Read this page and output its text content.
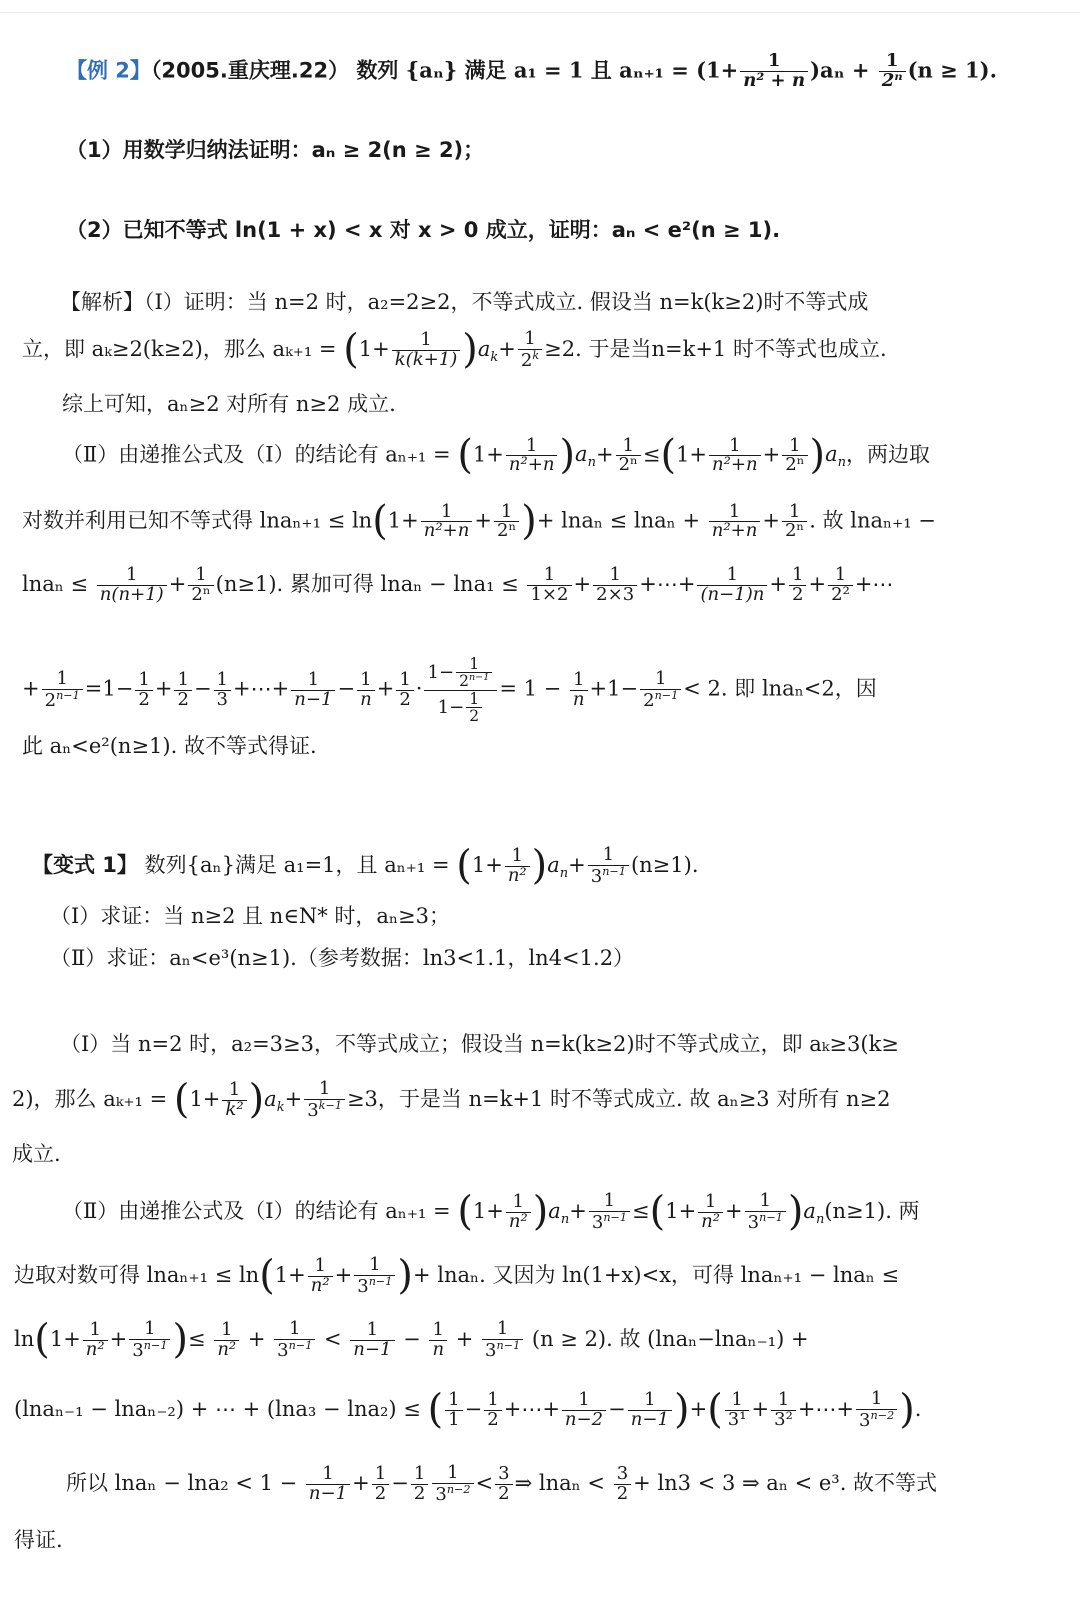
【例 2】（2005.重庆理.22） 数列 {aₙ} 满足 a₁ = 1 且 $a_{n+1} = (1+ \frac{1}{\text{n² + n}} )a_n + \frac{1}{\text{2ⁿ}} (n \ge 1)$.
（1）用数学归纳法证明：aₙ ≥ 2(n ≥ 2)；
（2）已知不等式 ln(1 + x) < x 对 x > 0 成立，证明：aₙ < e²(n ≥ 1).
【解析】（Ⅰ）证明：当 n=2 时，a₂=2≥2，不等式成立. 假设当 n=k(k≥2)时不等式成
立，即 aₖ≥2(k≥2)，那么 $a_{k+1} = (1+ \frac{1}{k(k+1)} )a_k+ \frac{1}{2^k} \ge 2$. 于是当n=k+1 时不等式也成立.
综上可知，aₙ≥2 对所有 n≥2 成立.
（Ⅱ）由递推公式及（Ⅰ）的结论有 $a_{n+1} = (1+ \frac{1}{\text{n²+n}} )a_n+ \frac{1}{\text{2ⁿ}} \le(1+ \frac{1}{\text{n²+n}} + \frac{1}{\text{2ⁿ}} )a_n$，两边取
对数并利用已知不等式得 $\ln a_{n+1} \le \ln(1+ \frac{1}{\text{n²+n}} + \frac{1}{\text{2ⁿ}}$ )+ $\ln a_n \le \ln a_n + \frac{1}{\text{n²+n}} + \frac{1}{\text{2ⁿ}}$ . 故 lnaₙ₊₁ −
$\ln a_n \le \frac{1}{n(n+1)} + \frac{1}{\text{2ⁿ}} (n\ge 1)$. 累加可得 $\ln a_n - \ln a_1 \le \frac{1}{1\times 2} + \frac{1}{2\times 3}$ +⋯+ $\frac{1}{(n-1)n} + \frac{1}{2} + \frac{1}{\text{2²}}$ +⋯
+ $\frac{1}{2^{n-1}} =1- \frac{1}{2} + \frac{1}{2} - \frac{1}{3}$ +⋯+ $\frac{1}{n-1} - \frac{1}{n} + \frac{1}{2} \cdot \frac{1- \frac{1}{2^{n-1}}}{1- \frac{1}{2}} = 1 - \frac{1}{n} +1- \frac{1}{2^{n-1}} < 2$. 即 lnaₙ<2，因
此 aₙ<e²(n≥1). 故不等式得证.
【变式 1】 数列{aₙ}满足 a₁=1，且 $a_{n+1} = (1+ \frac{1}{\text{n²}} )a_n+ \frac{1}{3^{n-1}} (n\ge 1)$.
（Ⅰ）求证：当 n≥2 且 n∈N* 时，aₙ≥3；
（Ⅱ）求证：aₙ<e³(n≥1).（参考数据：ln3<1.1，ln4<1.2）
（Ⅰ）当 n=2 时，a₂=3≥3，不等式成立；假设当 n=k(k≥2)时不等式成立，即 aₖ≥3(k≥
2)，那么 $a_{k+1} = (1+ \frac{1}{\text{k²}} )a_k+ \frac{1}{3^{k-1}} \ge 3$，于是当 n=k+1 时不等式成立. 故 aₙ≥3 对所有 n≥2
成立.
（Ⅱ）由递推公式及（Ⅰ）的结论有 $a_{n+1} = (1+ \frac{1}{\text{n²}} )a_n+ \frac{1}{3^{n-1}} \le(1+ \frac{1}{\text{n²}} + \frac{1}{3^{n-1}} )a_n(n\ge 1)$. 两
边取对数可得 $\ln a_{n+1} \le \ln(1+ \frac{1}{\text{n²}} + \frac{1}{3^{n-1}}$ )+ lnaₙ. 又因为 ln(1+x)<x，可得 lnaₙ₊₁ − lnaₙ ≤
$\ln(1+ \frac{1}{\text{n²}} + \frac{1}{3^{n-1}}$ )≤ $\frac{1}{\text{n²}} + \frac{1}{3^{n-1}} < \frac{1}{n-1} - \frac{1}{n} + \frac{1}{3^{n-1}} (n \ge 2)$. 故 (lnaₙ−lnaₙ₋₁) +
(lnaₙ₋₁ − lnaₙ₋₂) + ⋯ + (lna₃ − lna₂) ≤ ( $\frac{1}{1} - \frac{1}{2}$ +⋯+ $\frac{1}{n-2} - \frac{1}{n-1}$ )+( $\frac{1}{\text{3¹}} + \frac{1}{\text{3²}}$ +⋯+ $\frac{1}{3^{n-2}}$ ).
所以 $\ln a_n - \ln a_2 < 1 - \frac{1}{n-1} + \frac{1}{2} - \frac{1}{2} \frac{1}{3^{n-2}} < \frac{3}{2}$ ⇒ $\ln a_n < \frac{3}{2} + \ln 3 < 3$ ⇒ aₙ < e³. 故不等式
得证.
